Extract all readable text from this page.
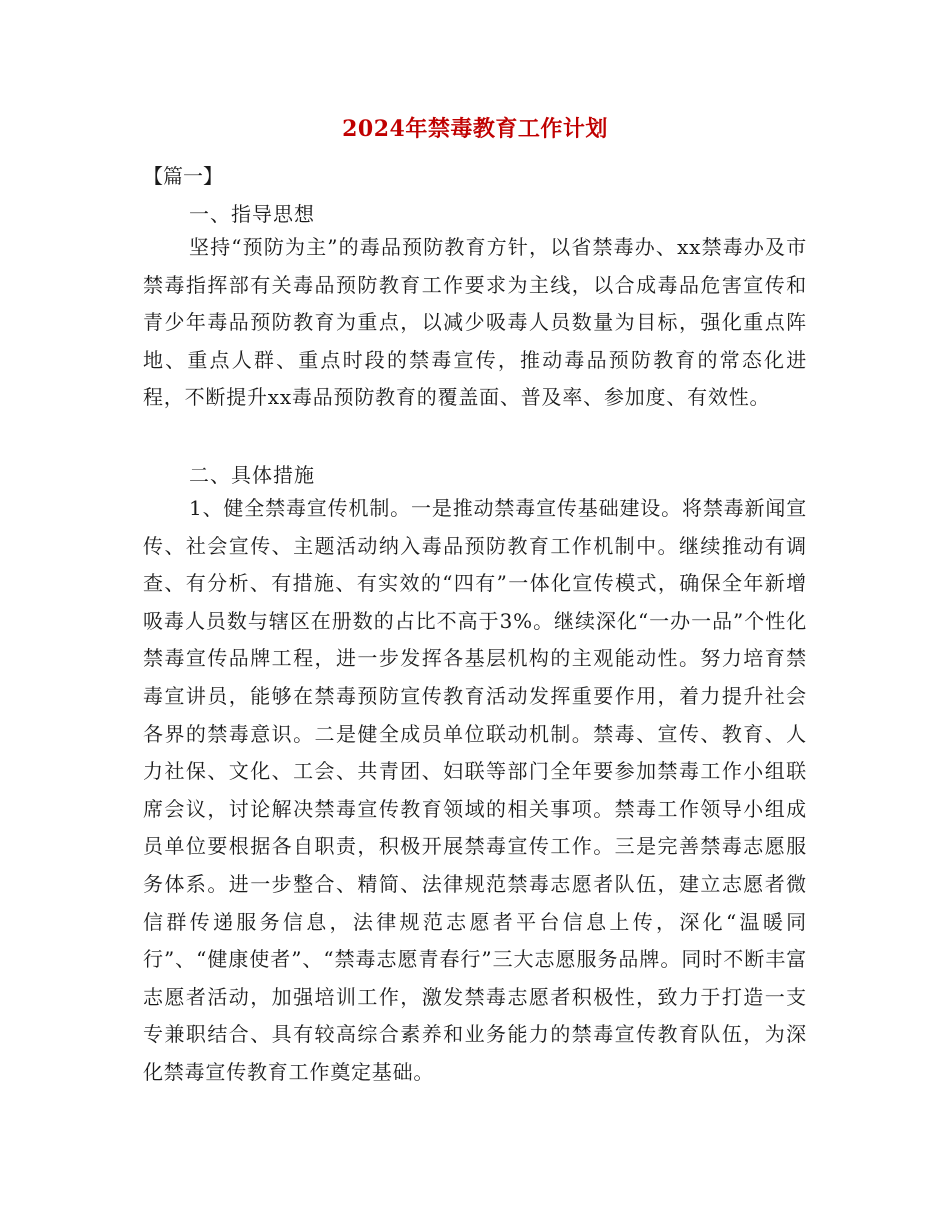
2024年禁毒教育工作计划

【篇一】

一、指导思想

坚持“预防为主”的毒品预防教育方针，以省禁毒办、xx禁毒办及市禁毒指挥部有关毒品预防教育工作要求为主线，以合成毒品危害宣传和青少年毒品预防教育为重点，以减少吸毒人员数量为目标，强化重点阵地、重点人群、重点时段的禁毒宣传，推动毒品预防教育的常态化进程，不断提升xx毒品预防教育的覆盖面、普及率、参加度、有效性。

二、具体措施

1、健全禁毒宣传机制。一是推动禁毒宣传基础建设。将禁毒新闻宣传、社会宣传、主题活动纳入毒品预防教育工作机制中。继续推动有调查、有分析、有措施、有实效的“四有”一体化宣传模式，确保全年新增吸毒人员数与辖区在册数的占比不高于3%。继续深化“一办一品”个性化禁毒宣传品牌工程，进一步发挥各基层机构的主观能动性。努力培育禁毒宣讲员，能够在禁毒预防宣传教育活动发挥重要作用，着力提升社会各界的禁毒意识。二是健全成员单位联动机制。禁毒、宣传、教育、人力社保、文化、工会、共青团、妇联等部门全年要参加禁毒工作小组联席会议，讨论解决禁毒宣传教育领域的相关事项。禁毒工作领导小组成员单位要根据各自职责，积极开展禁毒宣传工作。三是完善禁毒志愿服务体系。进一步整合、精简、法律规范禁毒志愿者队伍，建立志愿者微信群传递服务信息，法律规范志愿者平台信息上传，深化“温暖同行”、“健康使者”、“禁毒志愿青春行”三大志愿服务品牌。同时不断丰富志愿者活动，加强培训工作，激发禁毒志愿者积极性，致力于打造一支专兼职结合、具有较高综合素养和业务能力的禁毒宣传教育队伍，为深化禁毒宣传教育工作奠定基础。
